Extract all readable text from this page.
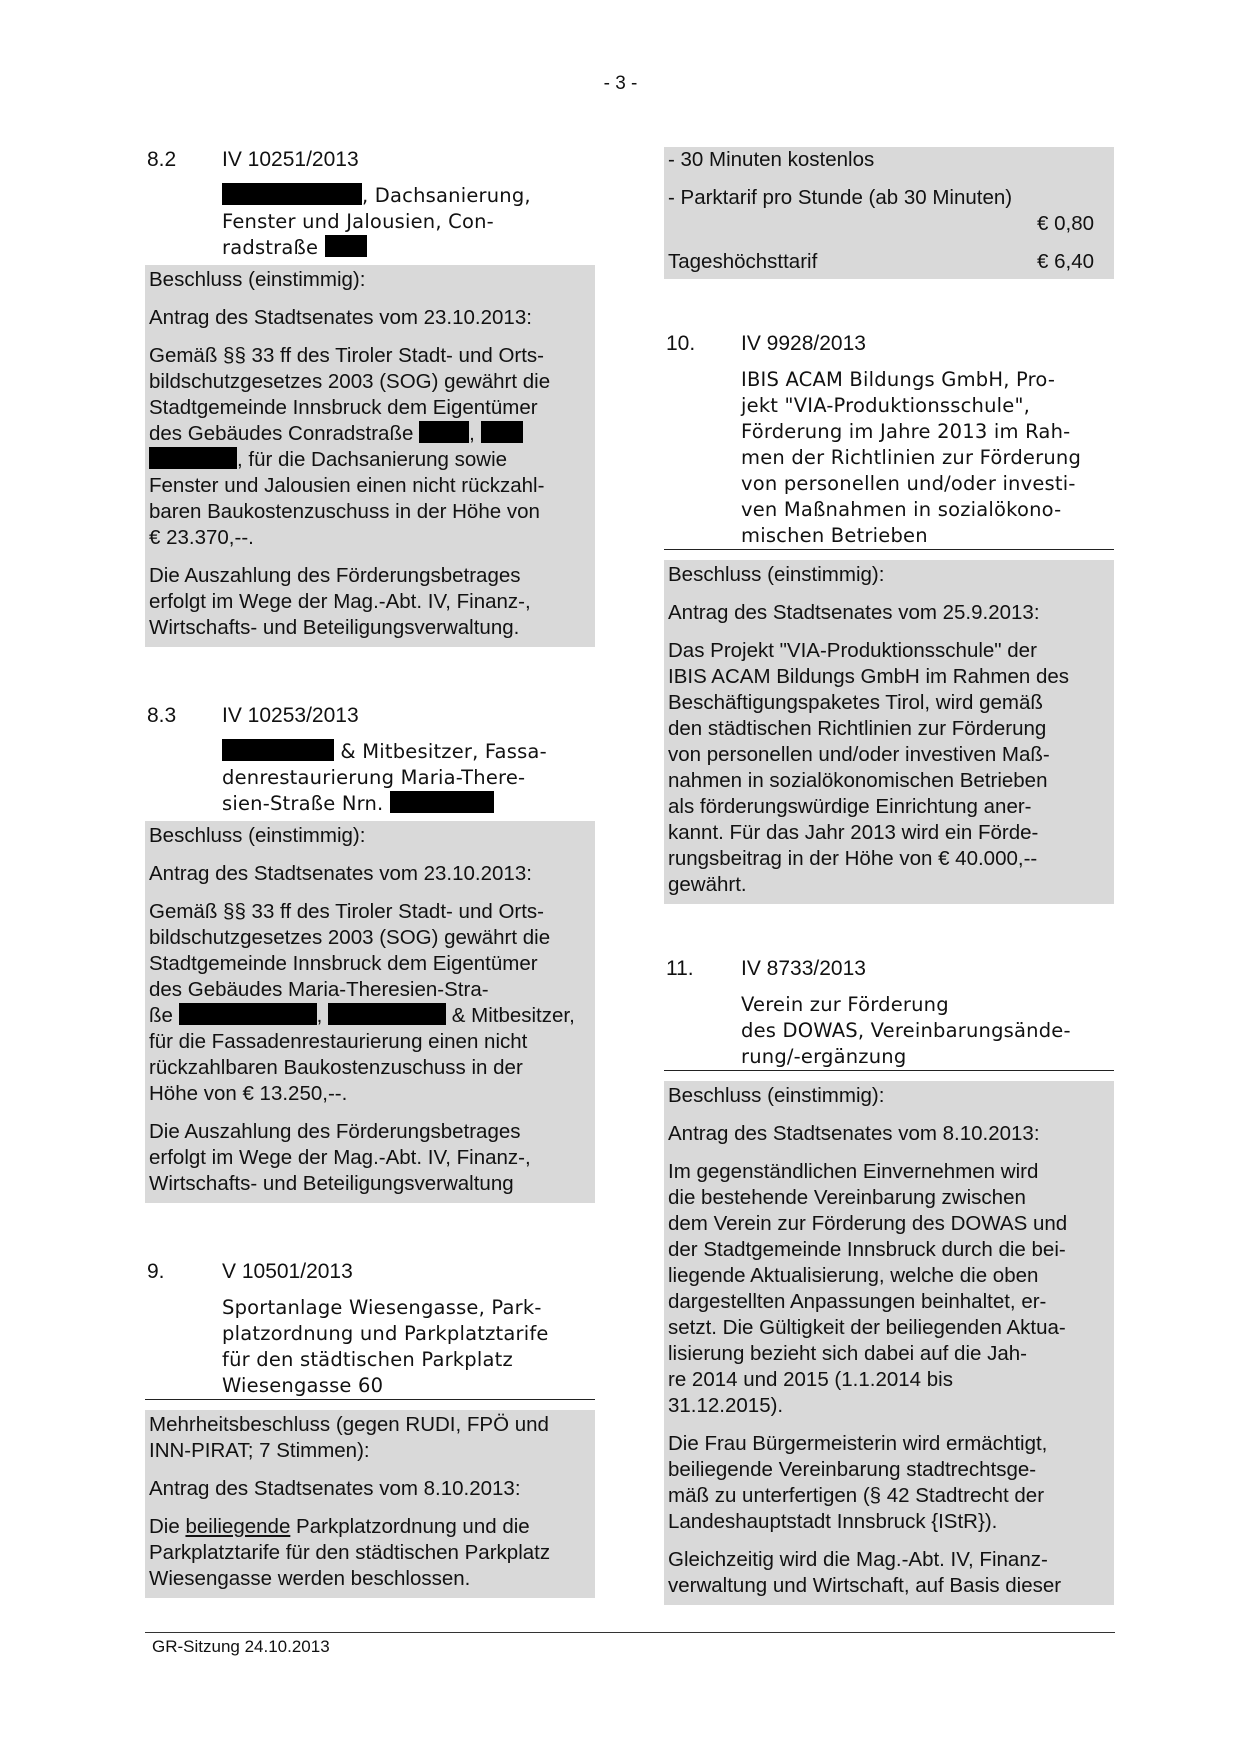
- 3 -
8.2	IV 10251/2013
, Dachsanierung,
Fenster und Jalousien, Con-
radstraße

Beschluss (einstimmig):

Antrag des Stadtsenates vom 23.10.2013:

Gemäß §§ 33 ff des Tiroler Stadt- und Orts-
bildschutzgesetzes 2003 (SOG) gewährt die
Stadtgemeinde Innsbruck dem Eigentümer
des Gebäudes Conradstraße	,
, für die Dachsanierung sowie
Fenster und Jalousien einen nicht rückzahl-
baren Baukostenzuschuss in der Höhe von
€ 23.370,--.

Die Auszahlung des Förderungsbetrages
erfolgt im Wege der Mag.-Abt. IV, Finanz-,
Wirtschafts- und Beteiligungsverwaltung.

8.3	IV 10253/2013
& Mitbesitzer, Fassa-
denrestaurierung Maria-There-
sien-Straße Nrn.

Beschluss (einstimmig):

Antrag des Stadtsenates vom 23.10.2013:

Gemäß §§ 33 ff des Tiroler Stadt- und Orts-
bildschutzgesetzes 2003 (SOG) gewährt die
Stadtgemeinde Innsbruck dem Eigentümer
des Gebäudes Maria-Theresien-Stra-
ße	,	& Mitbesitzer,
für die Fassadenrestaurierung einen nicht
rückzahlbaren Baukostenzuschuss in der
Höhe von € 13.250,--.

Die Auszahlung des Förderungsbetrages
erfolgt im Wege der Mag.-Abt. IV, Finanz-,
Wirtschafts- und Beteiligungsverwaltung

9.	V 10501/2013
Sportanlage Wiesengasse, Park-
platzordnung und Parkplatztarife
für den städtischen Parkplatz
Wiesengasse 60

Mehrheitsbeschluss (gegen RUDI, FPÖ und
INN-PIRAT; 7 Stimmen):

Antrag des Stadtsenates vom 8.10.2013:

Die beiliegende Parkplatzordnung und die
Parkplatztarife für den städtischen Parkplatz
Wiesengasse werden beschlossen.

- 30 Minuten kostenlos
- Parktarif pro Stunde (ab 30 Minuten)
€ 0,80
Tageshöchsttarif	€ 6,40
10.	IV 9928/2013
IBIS ACAM Bildungs GmbH, Pro-
jekt "VIA-Produktionsschule",
Förderung im Jahre 2013 im Rah-
men der Richtlinien zur Förderung
von personellen und/oder investi-
ven Maßnahmen in sozialökono-
mischen Betrieben

Beschluss (einstimmig):

Antrag des Stadtsenates vom 25.9.2013:

Das Projekt "VIA-Produktionsschule" der
IBIS ACAM Bildungs GmbH im Rahmen des
Beschäftigungspaketes Tirol, wird gemäß
den städtischen Richtlinien zur Förderung
von personellen und/oder investiven Maß-
nahmen in sozialökonomischen Betrieben
als förderungswürdige Einrichtung aner-
kannt. Für das Jahr 2013 wird ein Förde-
rungsbeitrag in der Höhe von € 40.000,--
gewährt.

11.	IV 8733/2013
Verein zur Förderung
des DOWAS, Vereinbarungsände-
rung/-ergänzung

Beschluss (einstimmig):

Antrag des Stadtsenates vom 8.10.2013:

Im gegenständlichen Einvernehmen wird
die bestehende Vereinbarung zwischen
dem Verein zur Förderung des DOWAS und
der Stadtgemeinde Innsbruck durch die bei-
liegende Aktualisierung, welche die oben
dargestellten Anpassungen beinhaltet, er-
setzt. Die Gültigkeit der beiliegenden Aktua-
lisierung bezieht sich dabei auf die Jah-
re 2014 und 2015 (1.1.2014 bis
31.12.2015).

Die Frau Bürgermeisterin wird ermächtigt,
beiliegende Vereinbarung stadtrechtsge-
mäß zu unterfertigen (§ 42 Stadtrecht der
Landeshauptstadt Innsbruck {IStR}).

Gleichzeitig wird die Mag.-Abt. IV, Finanz-
verwaltung und Wirtschaft, auf Basis dieser

GR-Sitzung 24.10.2013
